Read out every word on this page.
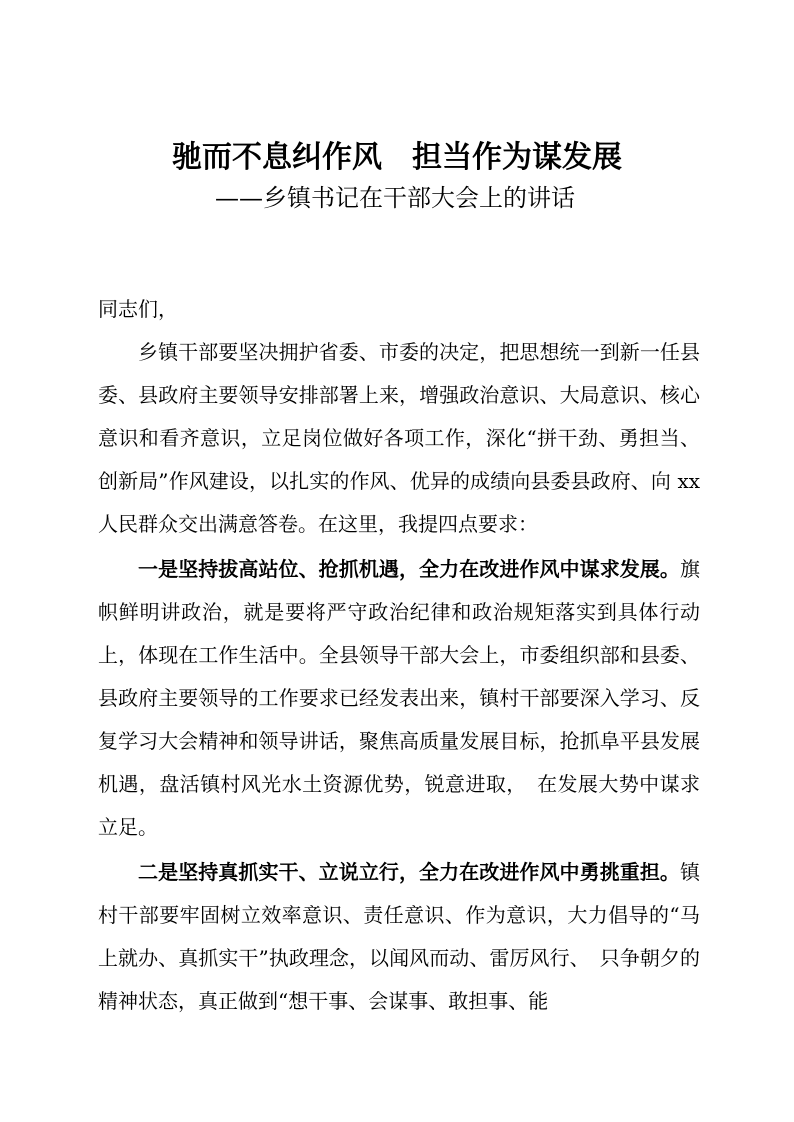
驰而不息纠作风　担当作为谋发展
——乡镇书记在干部大会上的讲话

同志们，

乡镇干部要坚决拥护省委、市委的决定，把思想统一到新一任县委、县政府主要领导安排部署上来，增强政治意识、大局意识、核心意识和看齐意识，立足岗位做好各项工作，深化“拼干劲、勇担当、创新局”作风建设，以扎实的作风、优异的成绩向县委县政府、向 xx 人民群众交出满意答卷。在这里，我提四点要求：

一是坚持拔高站位、抢抓机遇，全力在改进作风中谋求发展。旗帜鲜明讲政治，就是要将严守政治纪律和政治规矩落实到具体行动上，体现在工作生活中。全县领导干部大会上，市委组织部和县委、县政府主要领导的工作要求已经发表出来，镇村干部要深入学习、反复学习大会精神和领导讲话，聚焦高质量发展目标，抢抓阜平县发展机遇，盘活镇村风光水土资源优势，锐意进取，　在发展大势中谋求立足。

二是坚持真抓实干、立说立行，全力在改进作风中勇挑重担。镇村干部要牢固树立效率意识、责任意识、作为意识，大力倡导的“马上就办、真抓实干”执政理念，以闻风而动、雷厉风行、　只争朝夕的精神状态，真正做到“想干事、会谋事、敢担事、能
